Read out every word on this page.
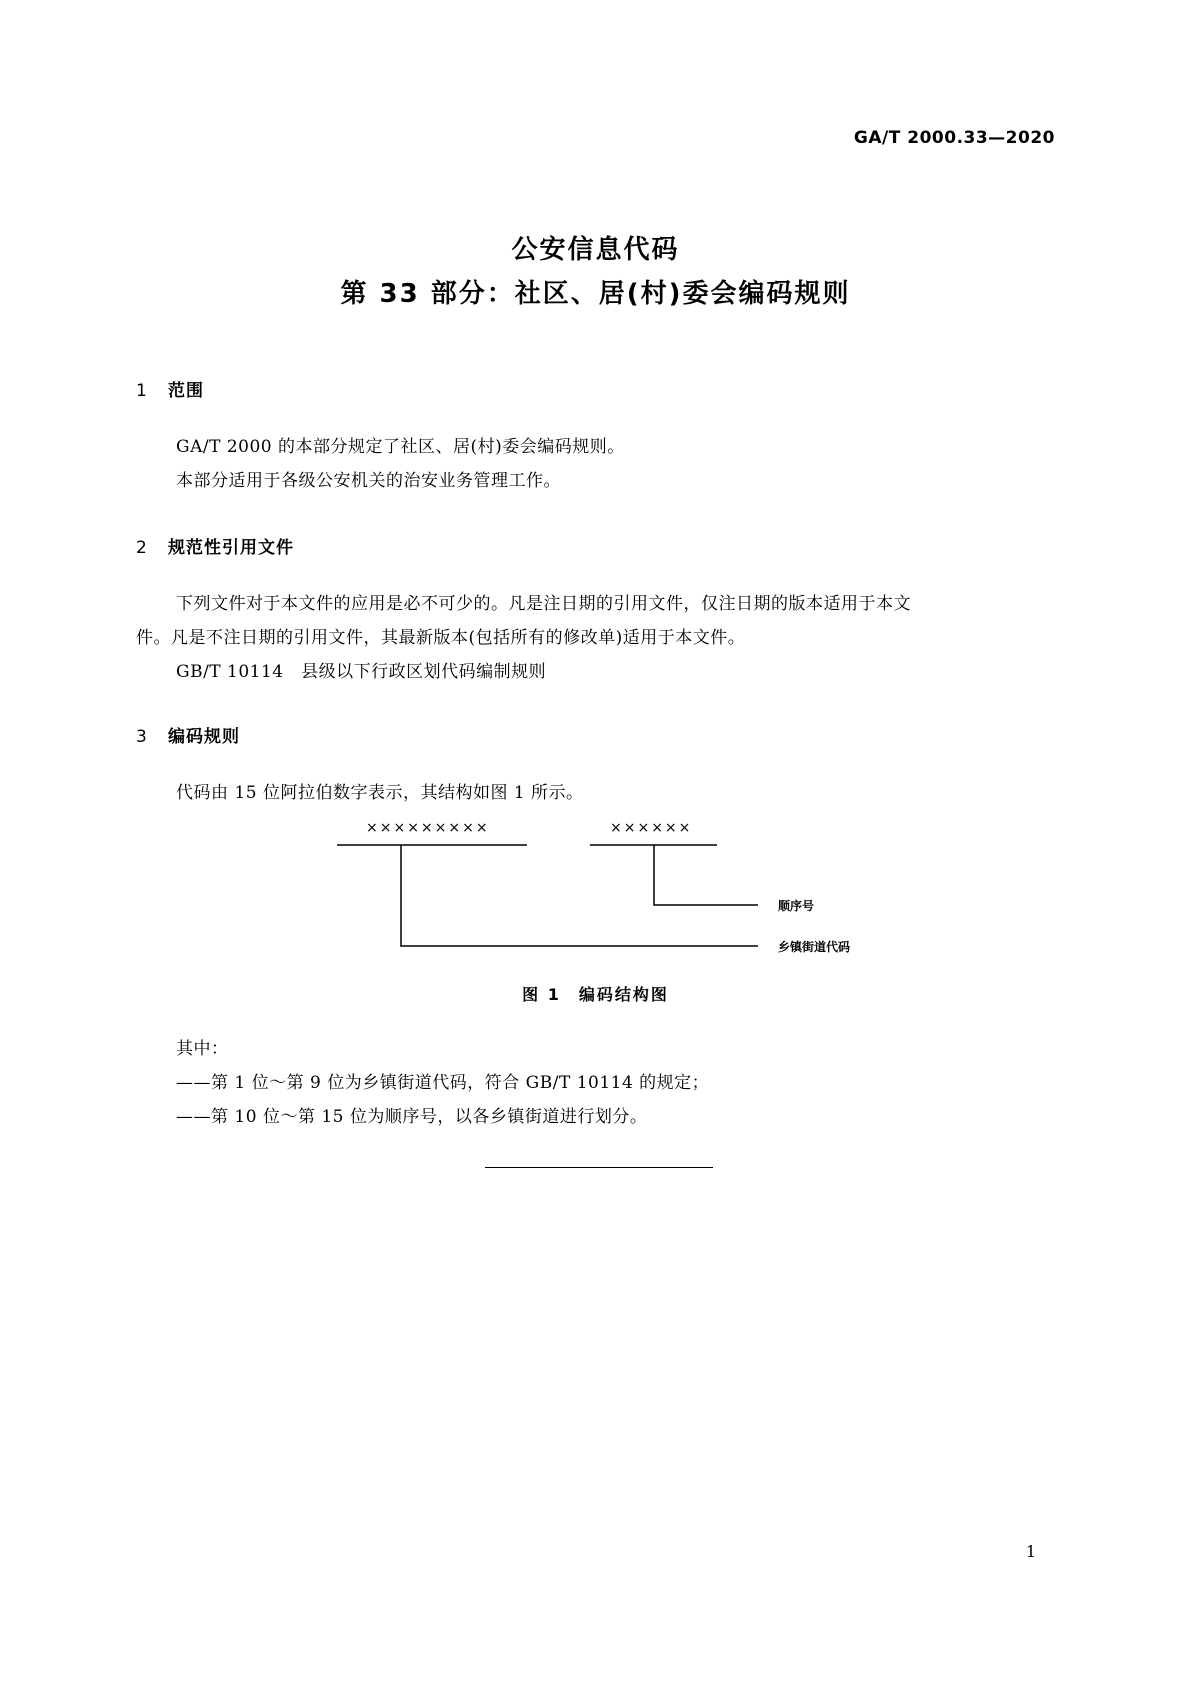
GA/T 2000.33—2020
公安信息代码
第 33 部分：社区、居(村)委会编码规则
1 范围
GA/T 2000 的本部分规定了社区、居(村)委会编码规则。
本部分适用于各级公安机关的治安业务管理工作。
2 规范性引用文件
下列文件对于本文件的应用是必不可少的。凡是注日期的引用文件，仅注日期的版本适用于本文
件。凡是不注日期的引用文件，其最新版本(包括所有的修改单)适用于本文件。
GB/T 10114　县级以下行政区划代码编制规则
3 编码规则
代码由 15 位阿拉伯数字表示，其结构如图 1 所示。
×××××××××	××××××
顺序号
乡镇街道代码
图 1　编码结构图
其中：
——第 1 位～第 9 位为乡镇街道代码，符合 GB/T 10114 的规定；
——第 10 位～第 15 位为顺序号，以各乡镇街道进行划分。
1
